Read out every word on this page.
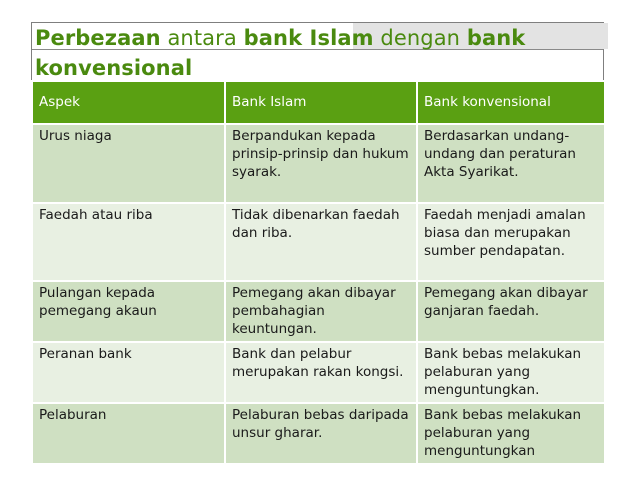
Perbezaan antara bank Islam dengan bank konvensional
Aspek	Bank Islam	Bank konvensional
Urus niaga	Berpandukan kepada prinsip-prinsip dan hukum syarak.	Berdasarkan undang-undang dan peraturan Akta Syarikat.
Faedah atau riba	Tidak dibenarkan faedah dan riba.	Faedah menjadi amalan biasa dan merupakan sumber pendapatan.
Pulangan kepada pemegang akaun	Pemegang akan dibayar pembahagian keuntungan.	Pemegang akan dibayar ganjaran faedah.
Peranan bank	Bank dan pelabur merupakan rakan kongsi.	Bank bebas melakukan pelaburan yang menguntungkan.
Pelaburan	Pelaburan bebas daripada unsur gharar.	Bank bebas melakukan pelaburan yang menguntungkan
